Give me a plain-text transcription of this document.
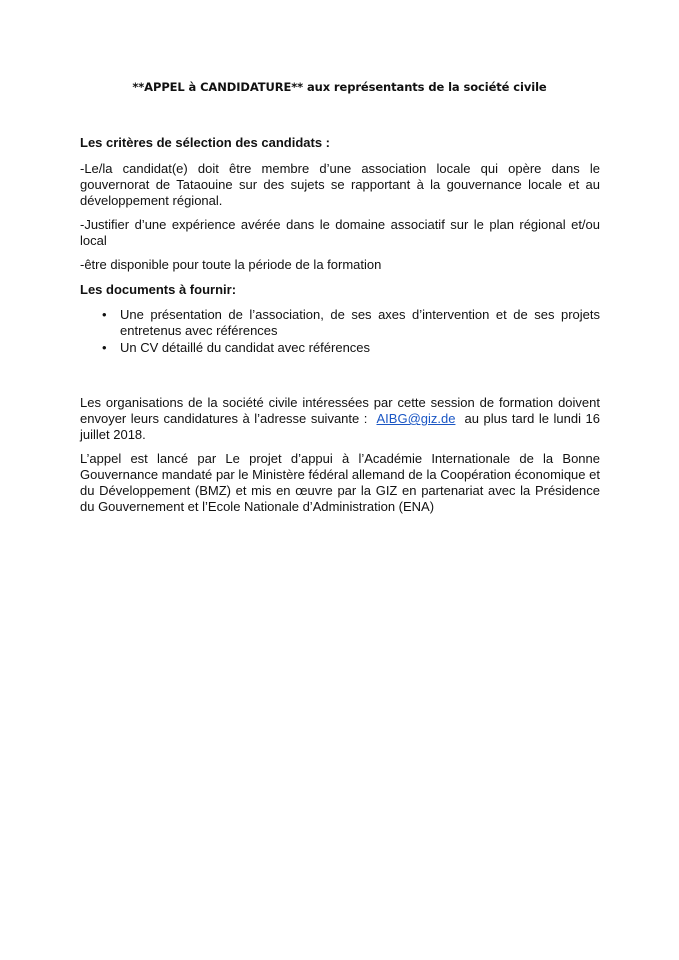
**APPEL à CANDIDATURE** aux représentants de la société civile

Les critères de sélection des candidats :

-Le/la candidat(e) doit être membre d’une association locale qui opère dans le gouvernorat de Tataouine sur des sujets se rapportant à la gouvernance locale et au développement régional.

-Justifier d’une expérience avérée dans le domaine associatif sur le plan régional et/ou local

-être disponible pour toute la période de la formation

Les documents à fournir:

• Une présentation de l’association, de ses axes d’intervention et de ses projets entretenus avec références
• Un CV détaillé du candidat avec références

Les organisations de la société civile intéressées par cette session de formation doivent envoyer leurs candidatures à l’adresse suivante : AIBG@giz.de au plus tard le lundi 16 juillet 2018.

L’appel est lancé par Le projet d’appui à l’Académie Internationale de la Bonne Gouvernance mandaté par le Ministère fédéral allemand de la Coopération économique et du Développement (BMZ) et mis en œuvre par la GIZ en partenariat avec la Présidence du Gouvernement et l’Ecole Nationale d’Administration (ENA)
